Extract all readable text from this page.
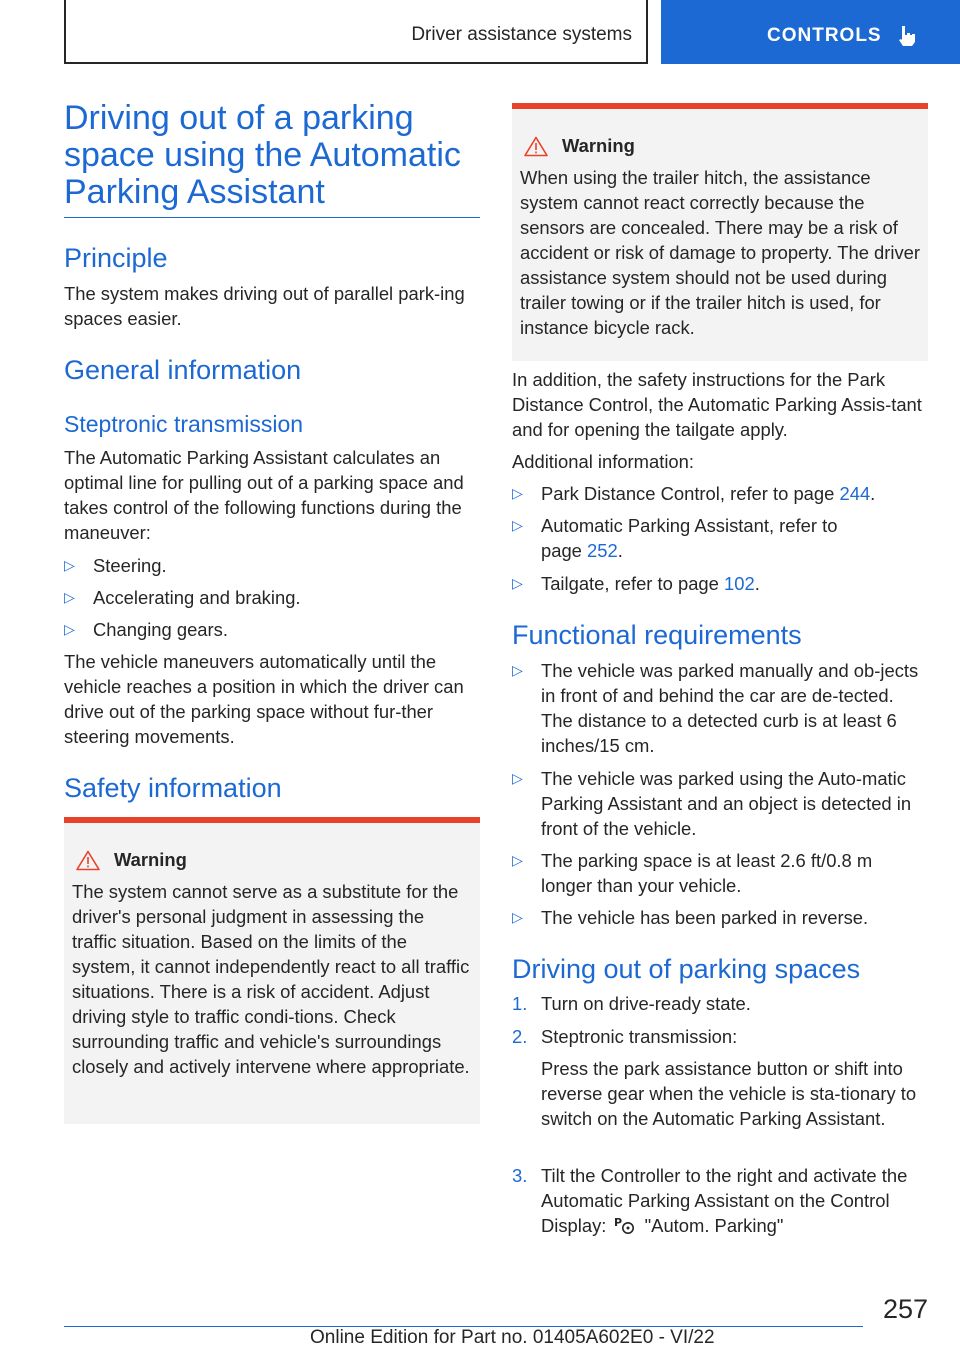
Driver assistance systems	CONTROLS
Driving out of a parking space using the Automatic Parking Assistant
Principle

The system makes driving out of parallel park-ing spaces easier.

General information
Steptronic transmission

The Automatic Parking Assistant calculates an optimal line for pulling out of a parking space and takes control of the following functions during the maneuver:

▷ Steering.
▷ Accelerating and braking.
▷ Changing gears.

The vehicle maneuvers automatically until the vehicle reaches a position in which the driver can drive out of the parking space without fur-ther steering movements.

Safety information
Warning

The system cannot serve as a substitute for the driver's personal judgment in assessing the traffic situation. Based on the limits of the system, it cannot independently react to all traffic situations. There is a risk of accident. Adjust driving style to traffic condi-tions. Check surrounding traffic and vehicle's surroundings closely and actively intervene where appropriate.

Warning

When using the trailer hitch, the assistance system cannot react correctly because the sensors are concealed. There may be a risk of accident or risk of damage to property. The driver assistance system should not be used during trailer towing or if the trailer hitch is used, for instance bicycle rack.

In addition, the safety instructions for the Park Distance Control, the Automatic Parking Assis-tant and for opening the tailgate apply.

Additional information:

▷ Park Distance Control, refer to page 244.
▷ Automatic Parking Assistant, refer to page 252.
▷ Tailgate, refer to page 102.
Functional requirements
▷ The vehicle was parked manually and ob-jects in front of and behind the car are de-tected. The distance to a detected curb is at least 6 inches/15 cm.
▷ The vehicle was parked using the Auto-matic Parking Assistant and an object is detected in front of the vehicle.
▷ The parking space is at least 2.6 ft/0.8 m longer than your vehicle.
▷ The vehicle has been parked in reverse.
Driving out of parking spaces
1. Turn on drive-ready state.
2. Steptronic transmission:
Press the park assistance button or shift into reverse gear when the vehicle is sta-tionary to switch on the Automatic Parking Assistant.
3. Tilt the Controller to the right and activate the Automatic Parking Assistant on the Control Display: P "Autom. Parking"
257
Online Edition for Part no. 01405A602E0 - VI/22
